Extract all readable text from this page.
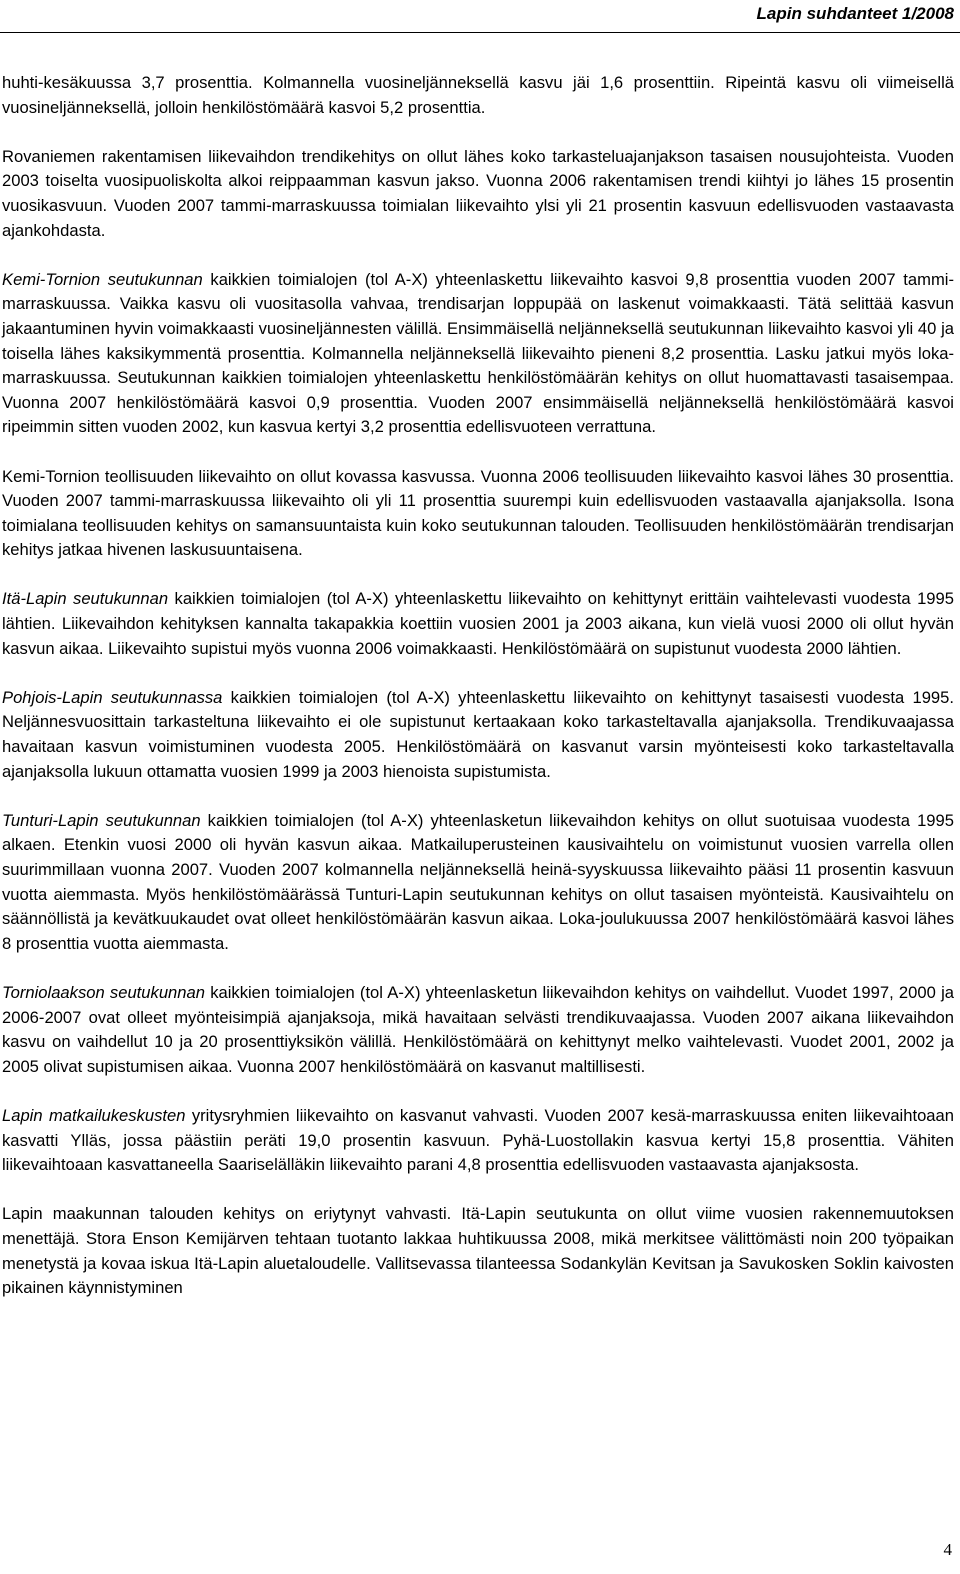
Lapin suhdanteet 1/2008

huhti-kesäkuussa 3,7 prosenttia. Kolmannella vuosineljänneksellä kasvu jäi 1,6 prosenttiin. Ripeintä kasvu oli viimeisellä vuosineljänneksellä, jolloin henkilöstömäärä kasvoi 5,2 prosenttia.

Rovaniemen rakentamisen liikevaihdon trendikehitys on ollut lähes koko tarkasteluajanjakson tasaisen nousujohteista. Vuoden 2003 toiselta vuosipuoliskolta alkoi reippaamman kasvun jakso. Vuonna 2006 rakentamisen trendi kiihtyi jo lähes 15 prosentin vuosikasvuun. Vuoden 2007 tammi-marraskuussa toimialan liikevaihto ylsi yli 21 prosentin kasvuun edellisvuoden vastaavasta ajankohdasta.

Kemi-Tornion seutukunnan kaikkien toimialojen (tol A-X) yhteenlaskettu liikevaihto kasvoi 9,8 prosenttia vuoden 2007 tammi-marraskuussa. Vaikka kasvu oli vuositasolla vahvaa, trendisarjan loppupää on laskenut voimakkaasti. Tätä selittää kasvun jakaantuminen hyvin voimakkaasti vuosineljännesten välillä. Ensimmäisellä neljänneksellä seutukunnan liikevaihto kasvoi yli 40 ja toisella lähes kaksikymmentä prosenttia. Kolmannella neljänneksellä liikevaihto pieneni 8,2 prosenttia. Lasku jatkui myös loka-marraskuussa. Seutukunnan kaikkien toimialojen yhteenlaskettu henkilöstömäärän kehitys on ollut huomattavasti tasaisempaa. Vuonna 2007 henkilöstömäärä kasvoi 0,9 prosenttia. Vuoden 2007 ensimmäisellä neljänneksellä henkilöstömäärä kasvoi ripeimmin sitten vuoden 2002, kun kasvua kertyi 3,2 prosenttia edellisvuoteen verrattuna.

Kemi-Tornion teollisuuden liikevaihto on ollut kovassa kasvussa. Vuonna 2006 teollisuuden liikevaihto kasvoi lähes 30 prosenttia. Vuoden 2007 tammi-marraskuussa liikevaihto oli yli 11 prosenttia suurempi kuin edellisvuoden vastaavalla ajanjaksolla. Isona toimialana teollisuuden kehitys on samansuuntaista kuin koko seutukunnan talouden. Teollisuuden henkilöstömäärän trendisarjan kehitys jatkaa hivenen laskusuuntaisena.

Itä-Lapin seutukunnan kaikkien toimialojen (tol A-X) yhteenlaskettu liikevaihto on kehittynyt erittäin vaihtelevasti vuodesta 1995 lähtien. Liikevaihdon kehityksen kannalta takapakkia koettiin vuosien 2001 ja 2003 aikana, kun vielä vuosi 2000 oli ollut hyvän kasvun aikaa. Liikevaihto supistui myös vuonna 2006 voimakkaasti. Henkilöstömäärä on supistunut vuodesta 2000 lähtien.

Pohjois-Lapin seutukunnassa kaikkien toimialojen (tol A-X) yhteenlaskettu liikevaihto on kehittynyt tasaisesti vuodesta 1995. Neljännesvuosittain tarkasteltuna liikevaihto ei ole supistunut kertaakaan koko tarkasteltavalla ajanjaksolla. Trendikuvaajassa havaitaan kasvun voimistuminen vuodesta 2005. Henkilöstömäärä on kasvanut varsin myönteisesti koko tarkasteltavalla ajanjaksolla lukuun ottamatta vuosien 1999 ja 2003 hienoista supistumista.

Tunturi-Lapin seutukunnan kaikkien toimialojen (tol A-X) yhteenlasketun liikevaihdon kehitys on ollut suotuisaa vuodesta 1995 alkaen. Etenkin vuosi 2000 oli hyvän kasvun aikaa. Matkailuperusteinen kausivaihtelu on voimistunut vuosien varrella ollen suurimmillaan vuonna 2007. Vuoden 2007 kolmannella neljänneksellä heinä-syyskuussa liikevaihto pääsi 11 prosentin kasvuun vuotta aiemmasta. Myös henkilöstömäärässä Tunturi-Lapin seutukunnan kehitys on ollut tasaisen myönteistä. Kausivaihtelu on säännöllistä ja kevätkuukaudet ovat olleet henkilöstömäärän kasvun aikaa. Loka-joulukuussa 2007 henkilöstömäärä kasvoi lähes 8 prosenttia vuotta aiemmasta.

Torniolaakson seutukunnan kaikkien toimialojen (tol A-X) yhteenlasketun liikevaihdon kehitys on vaihdellut. Vuodet 1997, 2000 ja 2006-2007 ovat olleet myönteisimpiä ajanjaksoja, mikä havaitaan selvästi trendikuvaajassa. Vuoden 2007 aikana liikevaihdon kasvu on vaihdellut 10 ja 20 prosenttiyksikön välillä. Henkilöstömäärä on kehittynyt melko vaihtelevasti. Vuodet 2001, 2002 ja 2005 olivat supistumisen aikaa. Vuonna 2007 henkilöstömäärä on kasvanut maltillisesti.

Lapin matkailukeskusten yritysryhmien liikevaihto on kasvanut vahvasti. Vuoden 2007 kesä-marraskuussa eniten liikevaihtoaan kasvatti Ylläs, jossa päästiin peräti 19,0 prosentin kasvuun. Pyhä-Luostollakin kasvua kertyi 15,8 prosenttia. Vähiten liikevaihtoaan kasvattaneella Saariselälläkin liikevaihto parani 4,8 prosenttia edellisvuoden vastaavasta ajanjaksosta.

Lapin maakunnan talouden kehitys on eriytynyt vahvasti. Itä-Lapin seutukunta on ollut viime vuosien rakennemuutoksen menettäjä. Stora Enson Kemijärven tehtaan tuotanto lakkaa huhtikuussa 2008, mikä merkitsee välittömästi noin 200 työpaikan menetystä ja kovaa iskua Itä-Lapin aluetaloudelle. Vallitsevassa tilanteessa Sodankylän Kevitsan ja Savukosken Soklin kaivosten pikainen käynnistyminen

4
